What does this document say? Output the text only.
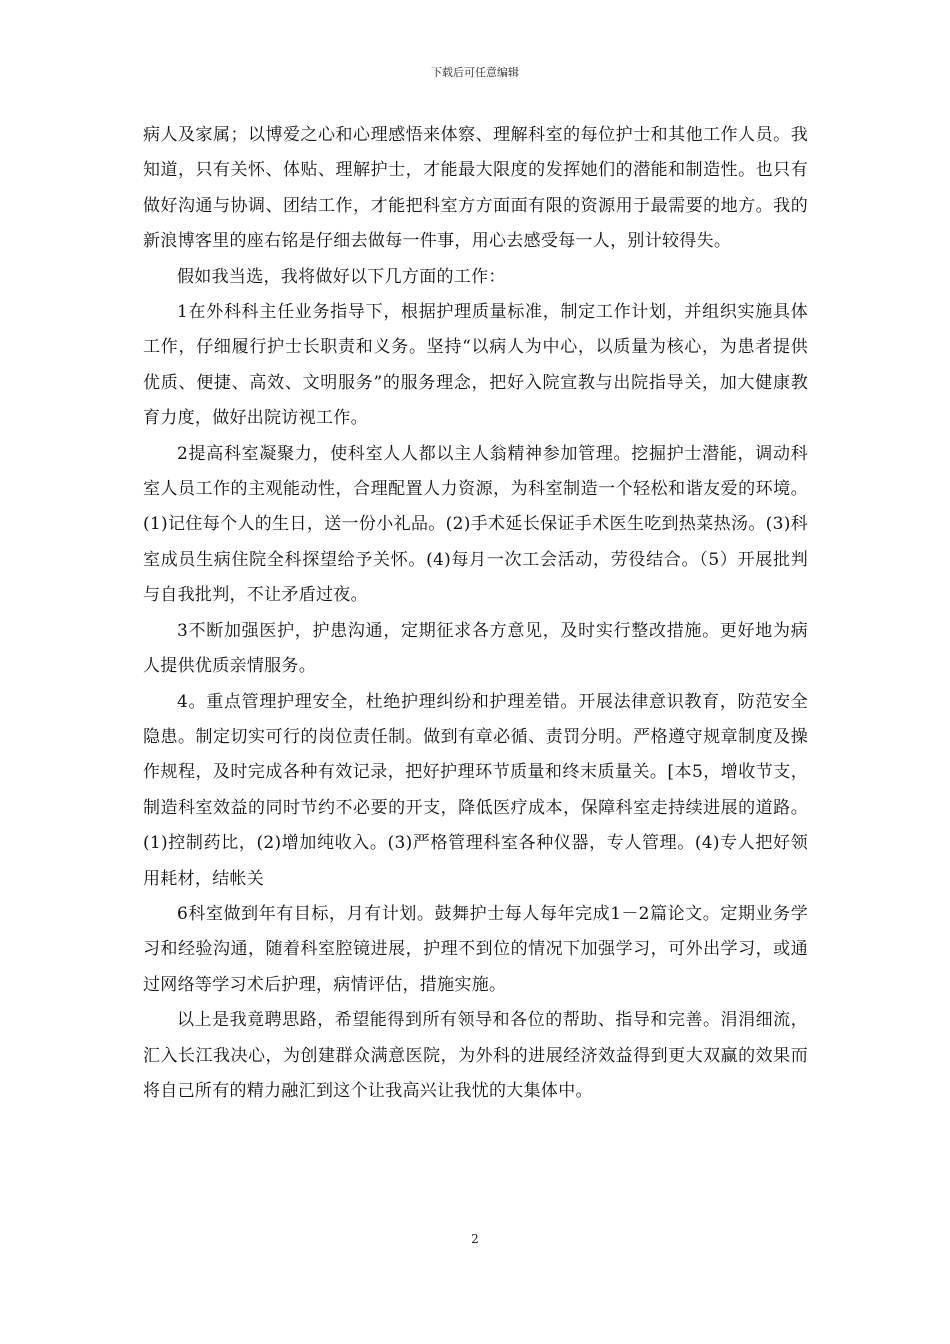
下载后可任意编辑

病人及家属；以博爱之心和心理感悟来体察、理解科室的每位护士和其他工作人员。我知道，只有关怀、体贴、理解护士，才能最大限度的发挥她们的潜能和制造性。也只有做好沟通与协调、团结工作，才能把科室方方面面有限的资源用于最需要的地方。我的新浪博客里的座右铭是仔细去做每一件事，用心去感受每一人，别计较得失。

假如我当选，我将做好以下几方面的工作：

1在外科科主任业务指导下，根据护理质量标准，制定工作计划，并组织实施具体工作，仔细履行护士长职责和义务。坚持“以病人为中心，以质量为核心，为患者提供优质、便捷、高效、文明服务”的服务理念，把好入院宣教与出院指导关，加大健康教育力度，做好出院访视工作。

2提高科室凝聚力，使科室人人都以主人翁精神参加管理。挖掘护士潜能，调动科室人员工作的主观能动性，合理配置人力资源，为科室制造一个轻松和谐友爱的环境。(1)记住每个人的生日，送一份小礼品。(2)手术延长保证手术医生吃到热菜热汤。(3)科室成员生病住院全科探望给予关怀。(4)每月一次工会活动，劳役结合。（5）开展批判与自我批判，不让矛盾过夜。

3不断加强医护，护患沟通，定期征求各方意见，及时实行整改措施。更好地为病人提供优质亲情服务。

4。重点管理护理安全，杜绝护理纠纷和护理差错。开展法律意识教育，防范安全隐患。制定切实可行的岗位责任制。做到有章必循、责罚分明。严格遵守规章制度及操作规程，及时完成各种有效记录，把好护理环节质量和终末质量关。[本5，增收节支，制造科室效益的同时节约不必要的开支，降低医疗成本，保障科室走持续进展的道路。(1)控制药比，(2)增加纯收入。(3)严格管理科室各种仪器，专人管理。(4)专人把好领用耗材，结帐关

6科室做到年有目标，月有计划。鼓舞护士每人每年完成1－2篇论文。定期业务学习和经验沟通，随着科室腔镜进展，护理不到位的情况下加强学习，可外出学习，或通过网络等学习术后护理，病情评估，措施实施。

以上是我竟聘思路，希望能得到所有领导和各位的帮助、指导和完善。涓涓细流，汇入长江我决心，为创建群众满意医院，为外科的进展经济效益得到更大双赢的效果而将自己所有的精力融汇到这个让我高兴让我忧的大集体中。

2
